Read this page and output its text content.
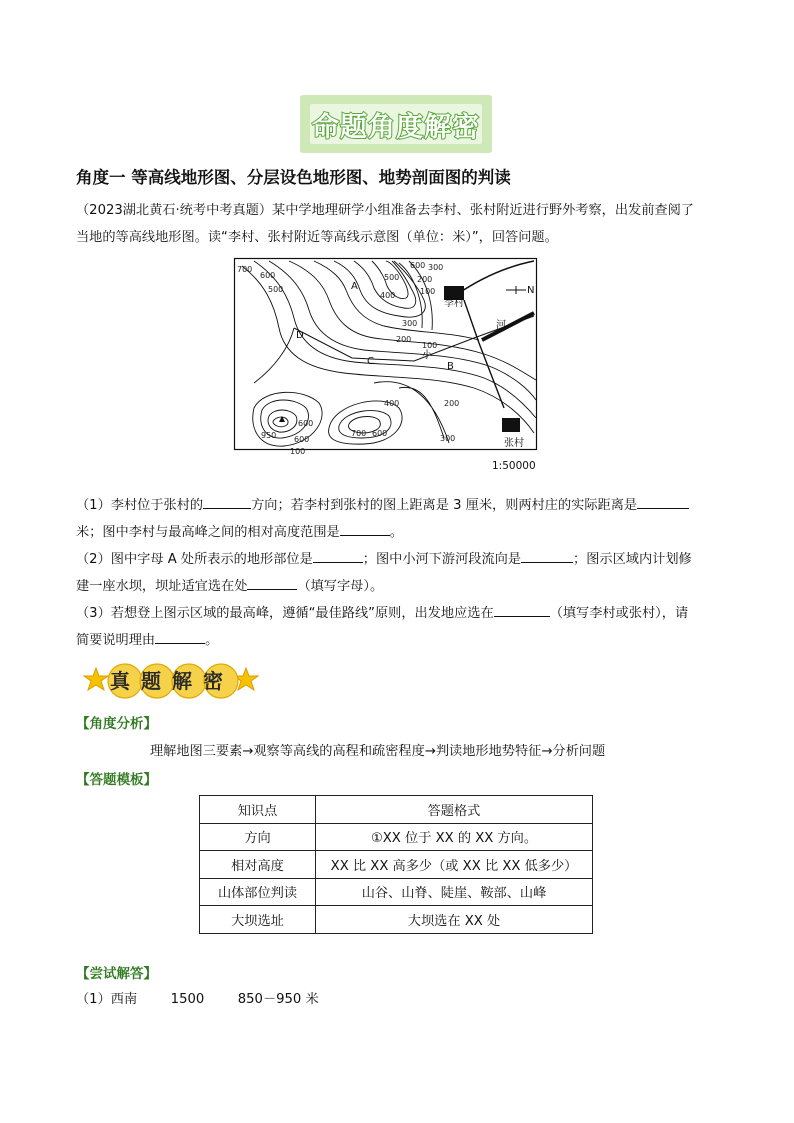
命题角度解密
角度一 等高线地形图、分层设色地形图、地势剖面图的判读
（2023湖北黄石·统考中考真题）某中学地理研学小组准备去李村、张村附近进行野外考察，出发前查阅了
当地的等高线地形图。读“李村、张村附近等高线示意图（单位：米）”，回答问题。
A
B
C
D
李村
张村
河
小
N
700
600
500
300
200
100
600
500
400
300
200
100
400	200
300
600
950	700 600
600
100
1:50000
（1）李村位于张村的	方向；若李村到张村的图上距离是 3 厘米，则两村庄的实际距离是
米；图中李村与最高峰之间的相对高度范围是	。
（2）图中字母 A 处所表示的地形部位是	；图中小河下游河段流向是	；图示区域内计划修
建一座水坝，坝址适宜选在处	（填写字母）。
（3）若想登上图示区域的最高峰，遵循“最佳路线”原则，出发地应选在	（填写李村或张村），请
简要说明理由	。
真题解密
【角度分析】
理解地图三要素→观察等高线的高程和疏密程度→判读地形地势特征→分析问题
【答题模板】
知识点	答题格式
方向	①XX 位于 XX 的 XX 方向。
相对高度	XX 比 XX 高多少（或 XX 比 XX 低多少）
山体部位判读	山谷、山脊、陡崖、鞍部、山峰
大坝选址	大坝选在 XX 处
【尝试解答】
（1）西南        1500        850－950 米
